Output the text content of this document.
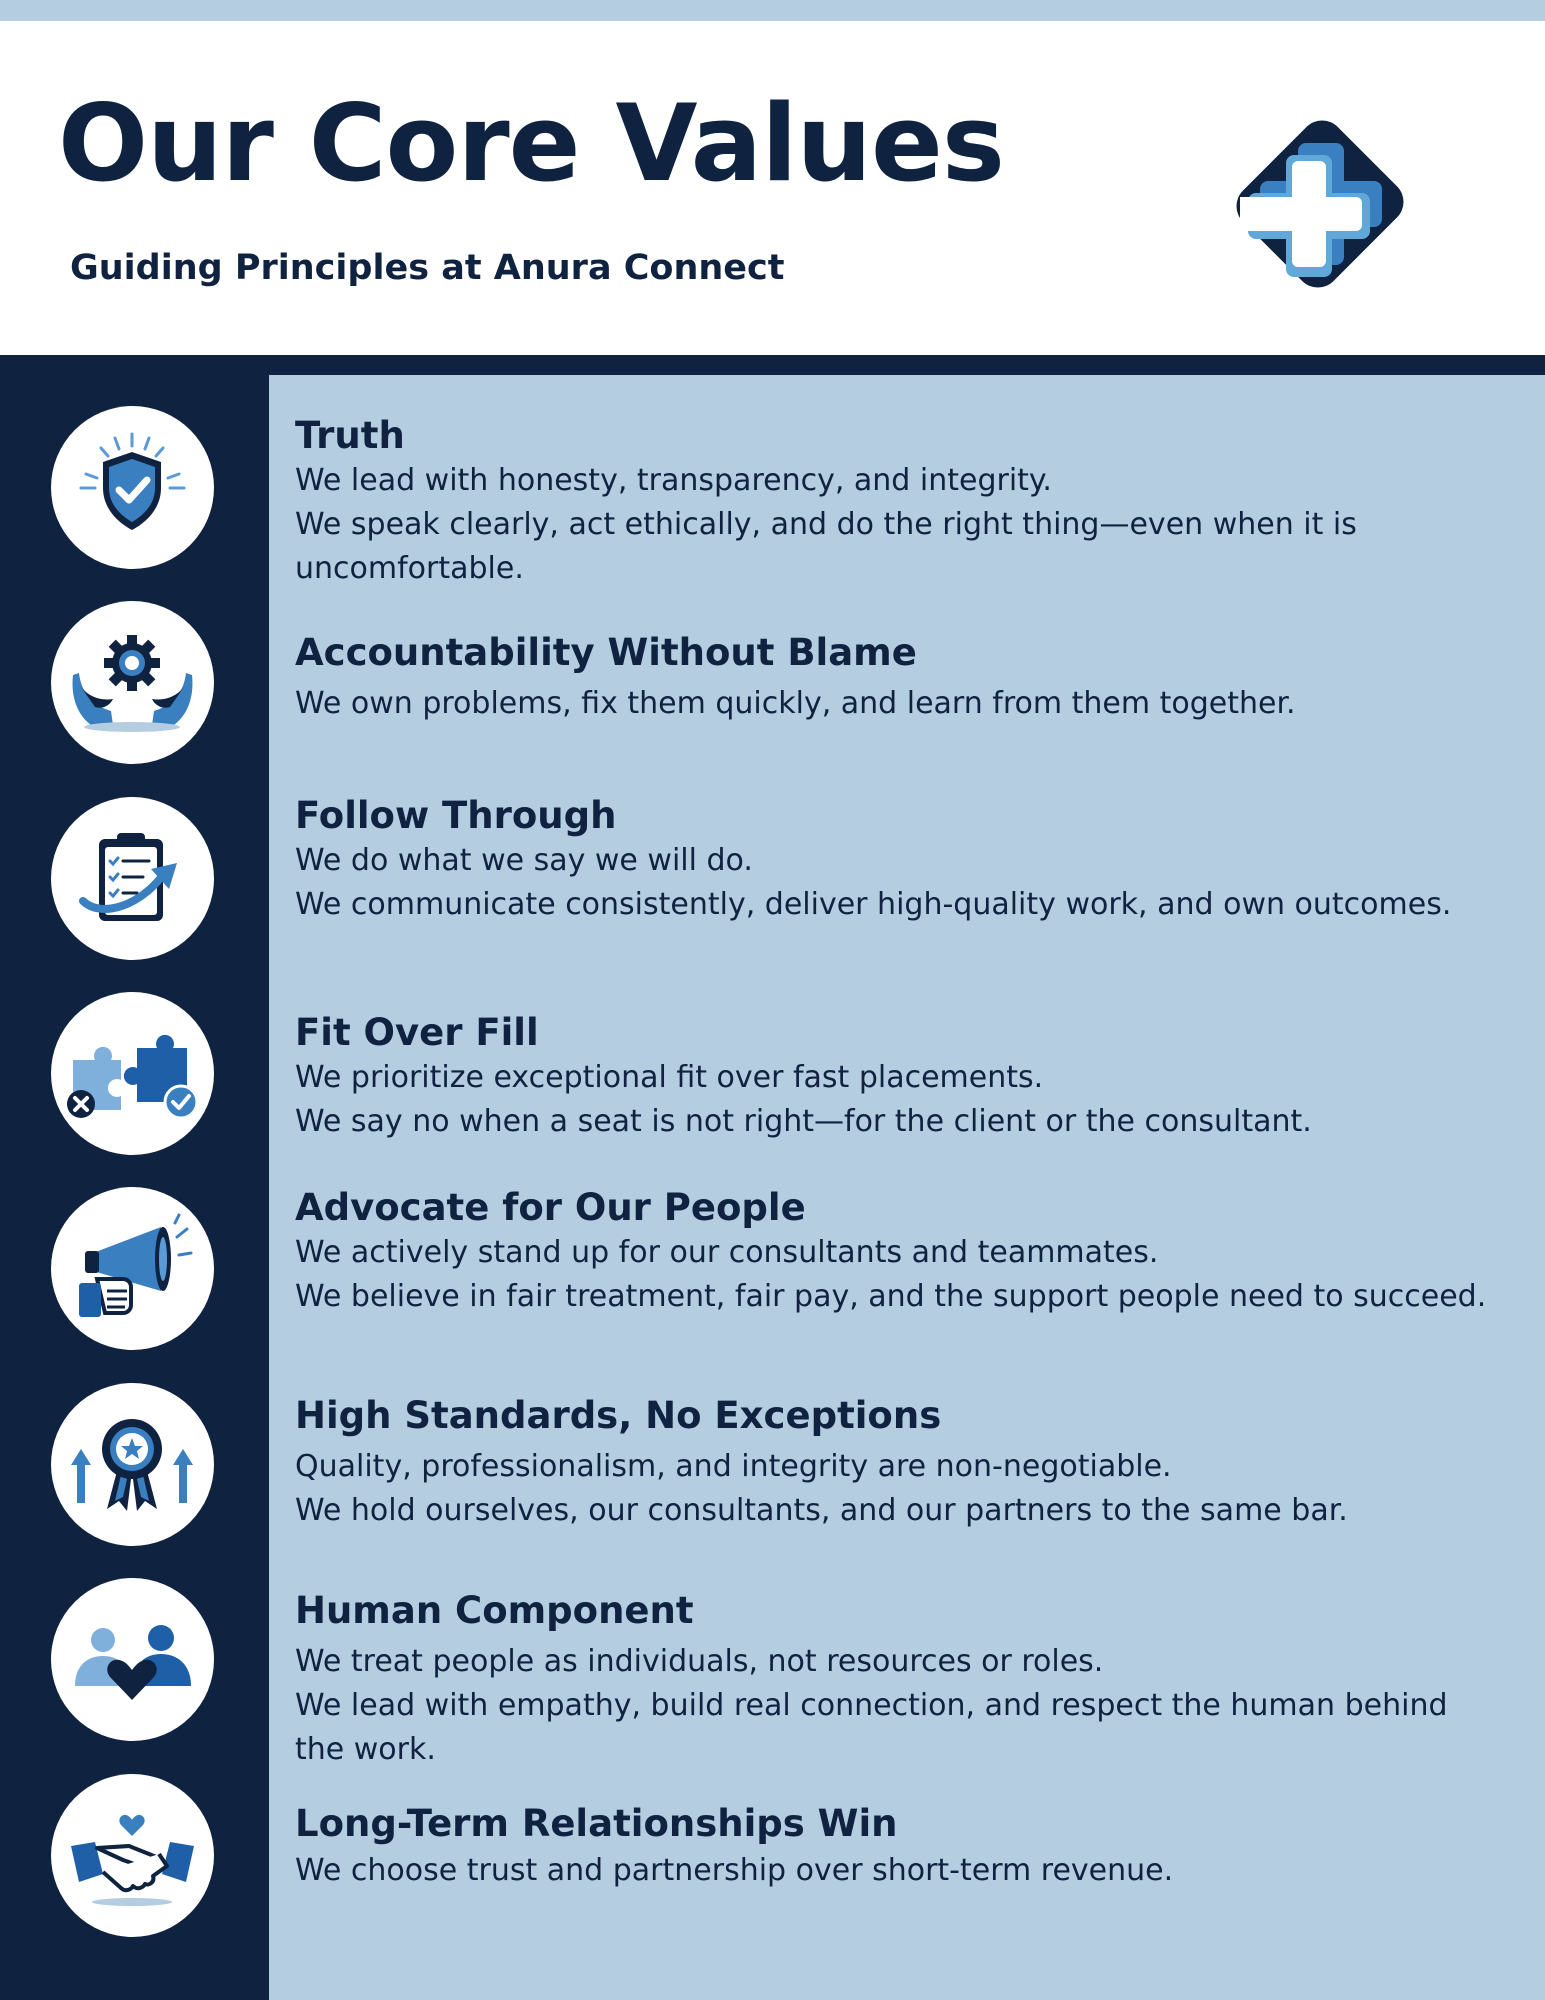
Our Core Values
Guiding Principles at Anura Connect
Truth

We lead with honesty, transparency, and integrity.
We speak clearly, act ethically, and do the right thing—even when it is uncomfortable.

Accountability Without Blame

We own problems, fix them quickly, and learn from them together.

Follow Through

We do what we say we will do.
We communicate consistently, deliver high-quality work, and own outcomes.

Fit Over Fill

We prioritize exceptional fit over fast placements.
We say no when a seat is not right—for the client or the consultant.

Advocate for Our People

We actively stand up for our consultants and teammates.
We believe in fair treatment, fair pay, and the support people need to succeed.

High Standards, No Exceptions

Quality, professionalism, and integrity are non-negotiable.
We hold ourselves, our consultants, and our partners to the same bar.

Human Component

We treat people as individuals, not resources or roles.
We lead with empathy, build real connection, and respect the human behind the work.

Long-Term Relationships Win

We choose trust and partnership over short-term revenue.
